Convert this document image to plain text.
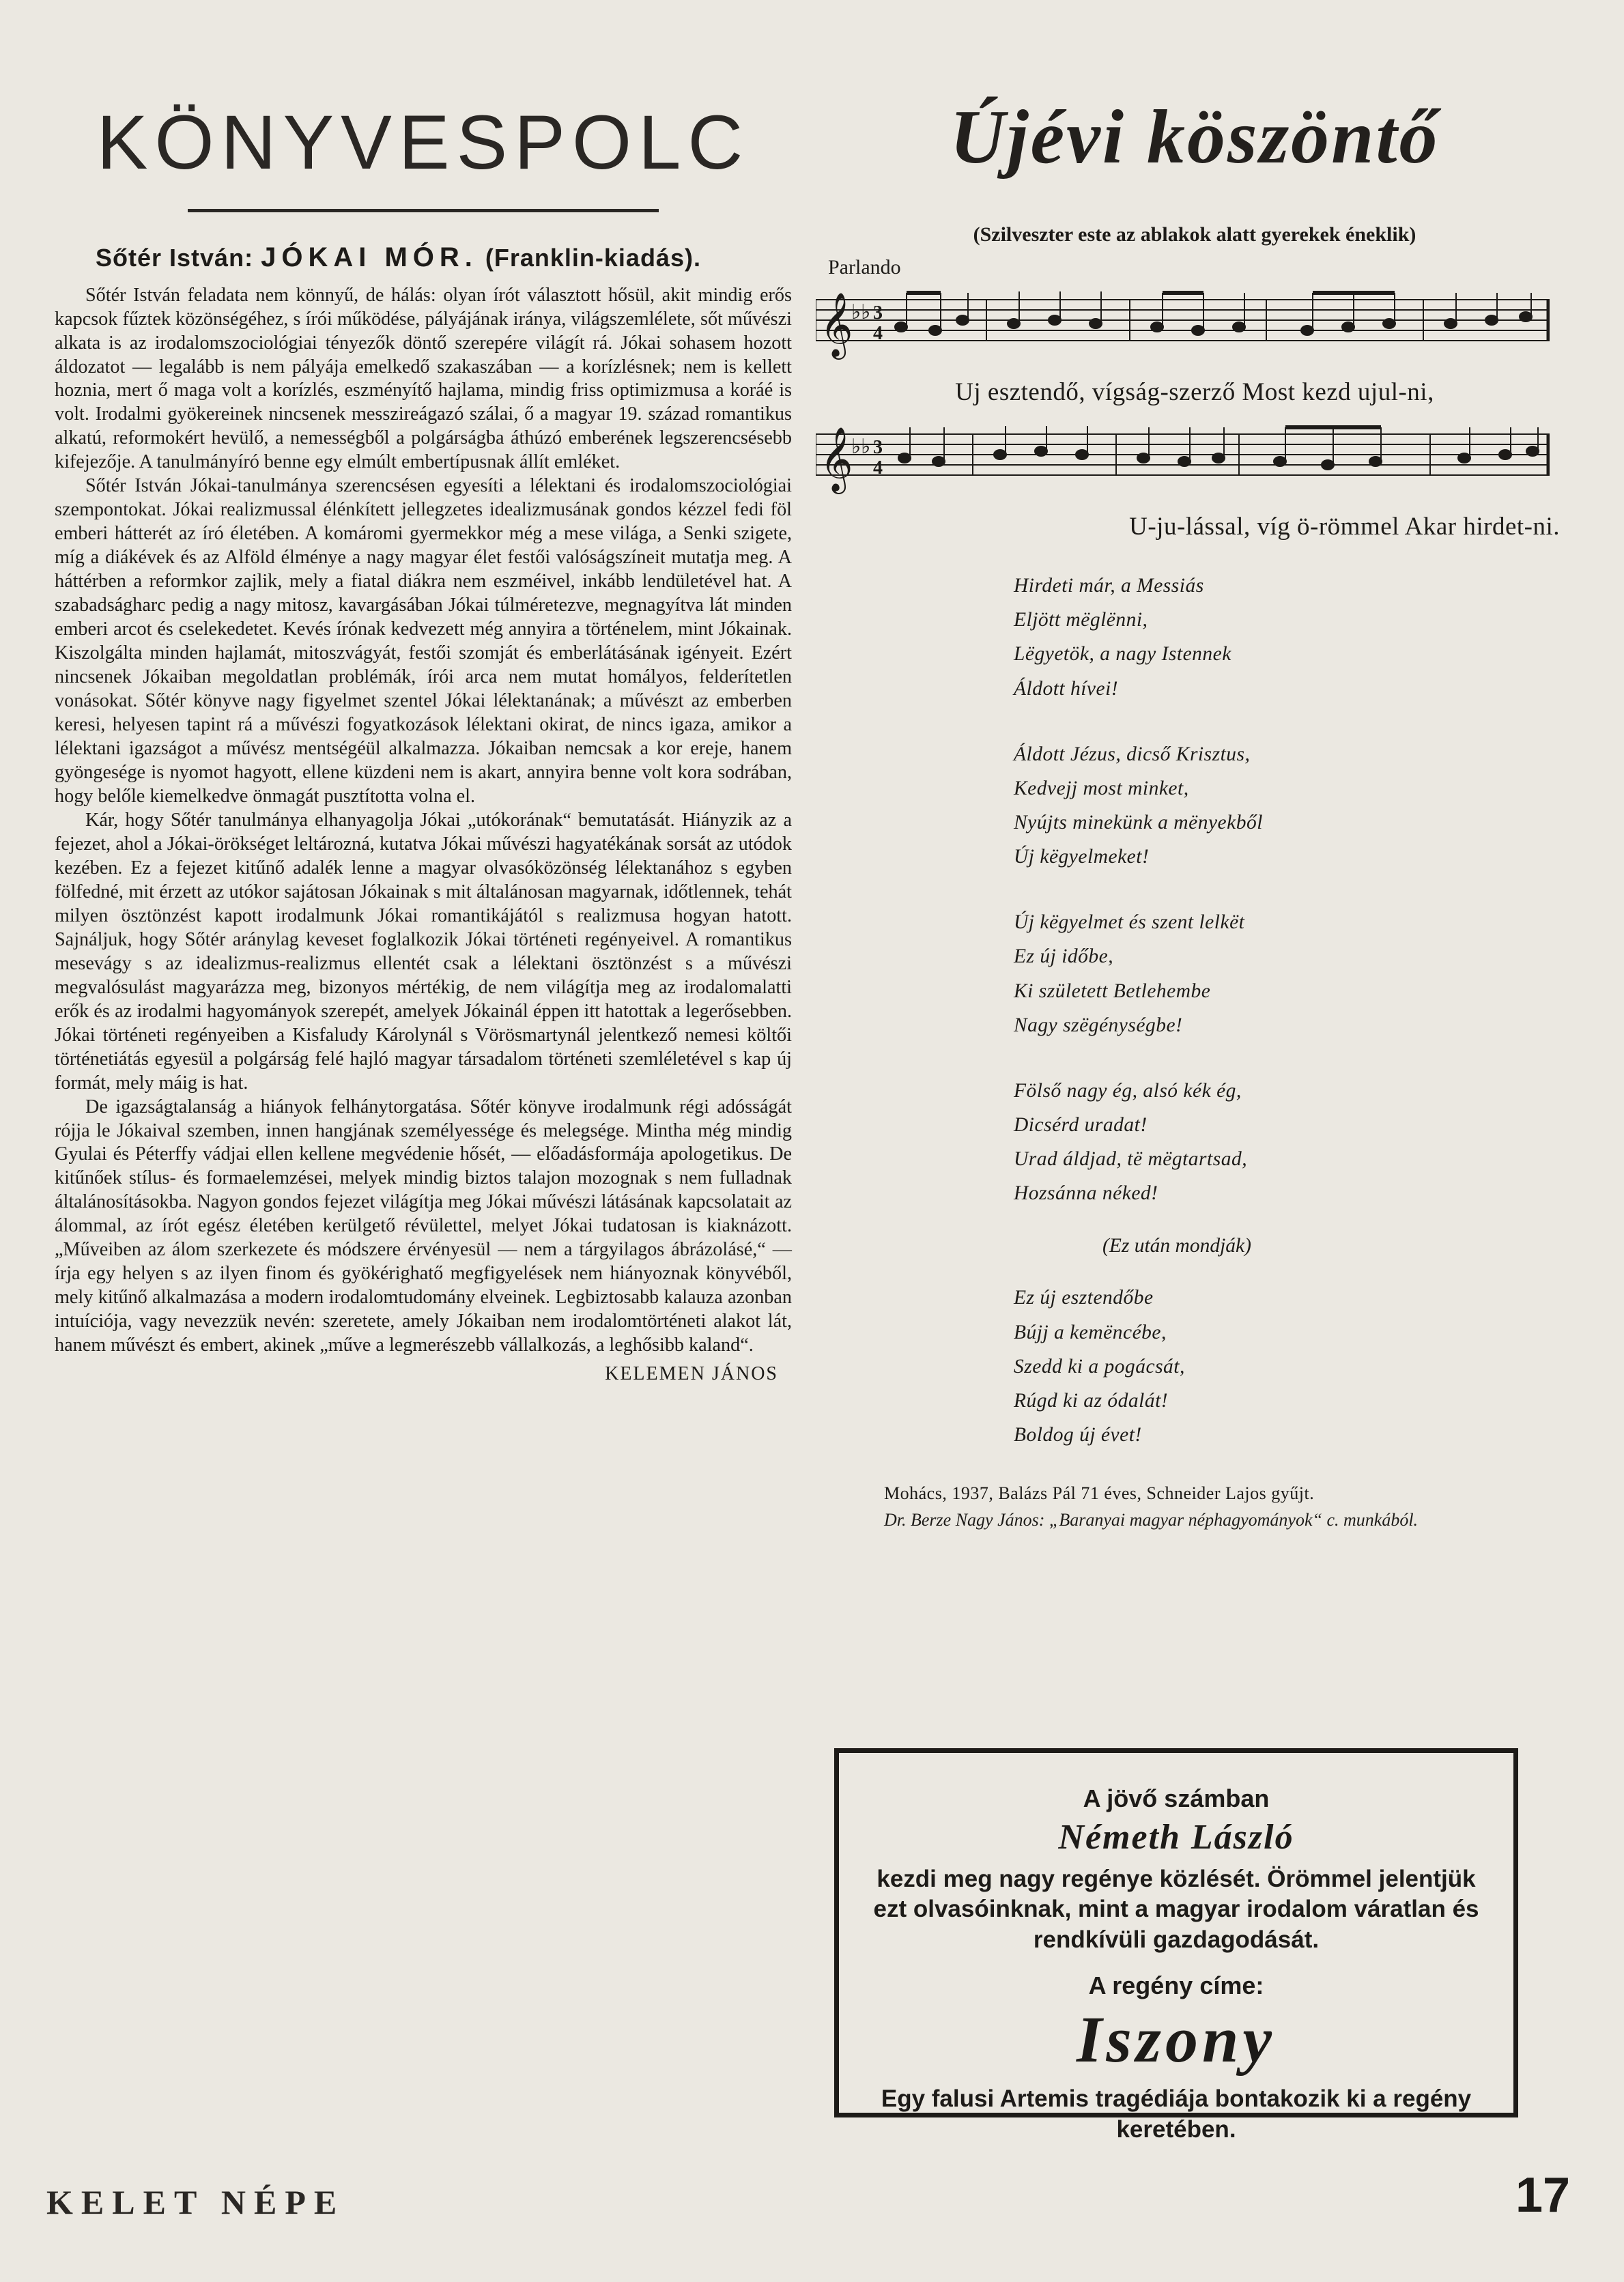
KÖNYVESPOLC
Sőtér István: JÓKAI MÓR. (Franklin-kiadás).

Sőtér István feladata nem könnyű, de hálás: olyan írót választott hősül, akit mindig erős kapcsok fűztek közönségéhez, s írói működése, pályájának iránya, világszemlélete, sőt művészi alkata is az irodalomszociológiai tényezők döntő szerepére világít rá. Jókai sohasem hozott áldozatot — legalább is nem pályája emelkedő szakaszában — a korízlésnek; nem is kellett hoznia, mert ő maga volt a korízlés, eszményítő hajlama, mindig friss optimizmusa a koráé is volt. Irodalmi gyökereinek nincsenek messzireágazó szálai, ő a magyar 19. század romantikus alkatú, reformokért hevülő, a nemességből a polgárságba áthúzó emberének legszerencsésebb kifejezője. A tanulmányíró benne egy elmúlt embertípusnak állít emléket.

Sőtér István Jókai-tanulmánya szerencsésen egyesíti a lélektani és irodalomszociológiai szempontokat. Jókai realizmussal élénkített jellegzetes idealizmusának gondos kézzel fedi föl emberi hátterét az író életében. A komáromi gyermekkor még a mese világa, a Senki szigete, míg a diákévek és az Alföld élménye a nagy magyar élet festői valóságszíneit mutatja meg. A háttérben a reformkor zajlik, mely a fiatal diákra nem eszméivel, inkább lendületével hat. A szabadságharc pedig a nagy mitosz, kavargásában Jókai túlméretezve, megnagyítva lát minden emberi arcot és cselekedetet. Kevés írónak kedvezett még annyira a történelem, mint Jókainak. Kiszolgálta minden hajlamát, mitoszvágyát, festői szomját és emberlátásának igényeit. Ezért nincsenek Jókaiban megoldatlan problémák, írói arca nem mutat homályos, felderítetlen vonásokat. Sőtér könyve nagy figyelmet szentel Jókai lélektanának; a művészt az emberben keresi, helyesen tapint rá a művészi fogyatkozások lélektani okirat, de nincs igaza, amikor a lélektani igazságot a művész mentségéül alkalmazza. Jókaiban nemcsak a kor ereje, hanem gyöngesége is nyomot hagyott, ellene küzdeni nem is akart, annyira benne volt kora sodrában, hogy belőle kiemelkedve önmagát pusztította volna el.

Kár, hogy Sőtér tanulmánya elhanyagolja Jókai „utókorának“ bemutatását. Hiányzik az a fejezet, ahol a Jókai-örökséget leltározná, kutatva Jókai művészi hagyatékának sorsát az utódok kezében. Ez a fejezet kitűnő adalék lenne a magyar olvasóközönség lélektanához s egyben fölfedné, mit érzett az utókor sajátosan Jókainak s mit általánosan magyarnak, időtlennek, tehát milyen ösztönzést kapott irodalmunk Jókai romantikájától s realizmusa hogyan hatott. Sajnáljuk, hogy Sőtér aránylag keveset foglalkozik Jókai történeti regényeivel. A romantikus mesevágy s az idealizmus-realizmus ellentét csak a lélektani ösztönzést s a művészi megvalósulást magyarázza meg, bizonyos mértékig, de nem világítja meg az irodalomalatti erők és az irodalmi hagyományok szerepét, amelyek Jókainál éppen itt hatottak a legerősebben. Jókai történeti regényeiben a Kisfaludy Károlynál s Vörösmartynál jelentkező nemesi költői történetiátás egyesül a polgárság felé hajló magyar társadalom történeti szemléletével s kap új formát, mely máig is hat.

De igazságtalanság a hiányok felhánytorgatása. Sőtér könyve irodalmunk régi adósságát rójja le Jókaival szemben, innen hangjának személyessége és melegsége. Mintha még mindig Gyulai és Péterffy vádjai ellen kellene megvédenie hősét, — előadásformája apologetikus. De kitűnőek stílus- és formaelemzései, melyek mindig biztos talajon mozognak s nem fulladnak általánosításokba. Nagyon gondos fejezet világítja meg Jókai művészi látásának kapcsolatait az álommal, az írót egész életében kerülgető révülettel, melyet Jókai tudatosan is kiaknázott. „Műveiben az álom szerkezete és módszere érvényesül — nem a tárgyilagos ábrázolásé,“ — írja egy helyen s az ilyen finom és gyökérighatő megfigyelések nem hiányoznak könyvéből, mely kitűnő alkalmazása a modern irodalomtudomány elveinek. Legbiztosabb kalauza azonban intuíciója, vagy nevezzük nevén: szeretete, amely Jókaiban nem irodalomtörténeti alakot lát, hanem művészt és embert, akinek „műve a legmerészebb vállalkozás, a leghősibb kaland“.

KELEMEN JÁNOS
Újévi köszöntő
(Szilveszter este az ablakok alatt gyerekek éneklik)
Parlando
𝄞
♭♭ 3
4
Uj esztendő, vígság-szerző Most kezd ujul-ni,
𝄞
♭♭ 3
4
U-ju-lással, víg ö-römmel Akar hirdet-ni.
Hirdeti már, a Messiás
Eljött mëglënni,
Lëgyetök, a nagy Istennek
Áldott hívei!
Áldott Jézus, dicső Krisztus,
Kedvejj most minket,
Nyújts minekünk a mënyekből
Új këgyelmeket!
Új këgyelmet és szent lelkët
Ez új időbe,
Ki született Betlehembe
Nagy szëgénységbe!
Fölső nagy ég, alsó kék ég,
Dicsérd uradat!
Urad áldjad, të mëgtartsad,
Hozsánna néked!
(Ez után mondják)
Ez új esztendőbe
Bújj a kemëncébe,
Szedd ki a pogácsát,
Rúgd ki az ódalát!
Boldog új évet!
Mohács, 1937, Balázs Pál 71 éves, Schneider Lajos gyűjt.
Dr. Berze Nagy János: „Baranyai magyar néphagyományok“ c. munkából.
A jövő számban
Németh László
kezdi meg nagy regénye közlését. Örömmel jelentjük ezt olvasóinknak, mint a magyar irodalom váratlan és rendkívüli gazdagodását.
A regény címe:
Iszony
Egy falusi Artemis tragédiája bontakozik ki a regény keretében.
KELET NÉPE	17
